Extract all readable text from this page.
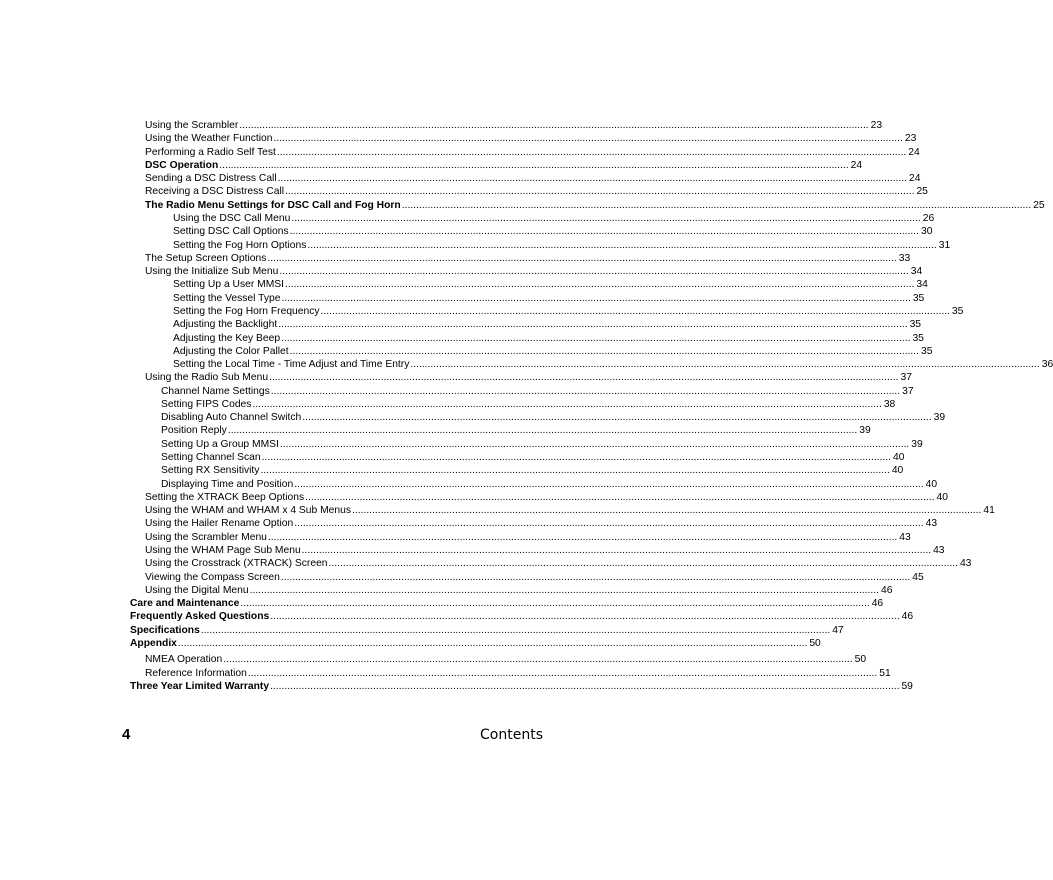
Using the Scrambler ............................................................................................................................................................................................................................ 23
Using the Weather Function ............................................................................................................................................................................................................................ 23
Performing a Radio Self Test ............................................................................................................................................................................................................................ 24
DSC Operation ............................................................................................................................................................................................................................ 24
Sending a DSC Distress Call ............................................................................................................................................................................................................................ 24
Receiving a DSC Distress Call ............................................................................................................................................................................................................................ 25
The Radio Menu Settings for DSC Call and Fog Horn ............................................................................................................................................................................................................................ 25
Using the DSC Call Menu ............................................................................................................................................................................................................................ 26
Setting DSC Call Options ............................................................................................................................................................................................................................ 30
Setting the Fog Horn Options ............................................................................................................................................................................................................................ 31
The Setup Screen Options ............................................................................................................................................................................................................................ 33
Using the Initialize Sub Menu ............................................................................................................................................................................................................................ 34
Setting Up a User MMSI ............................................................................................................................................................................................................................ 34
Setting the Vessel Type ............................................................................................................................................................................................................................ 35
Setting the Fog Horn Frequency ............................................................................................................................................................................................................................ 35
Adjusting the Backlight ............................................................................................................................................................................................................................ 35
Adjusting the Key Beep ............................................................................................................................................................................................................................ 35
Adjusting the Color Pallet ............................................................................................................................................................................................................................ 35
Setting the Local Time - Time Adjust and Time Entry ............................................................................................................................................................................................................................ 36
Using the Radio Sub Menu ............................................................................................................................................................................................................................ 37
Channel Name Settings ............................................................................................................................................................................................................................ 37
Setting FIPS Codes ............................................................................................................................................................................................................................ 38
Disabling Auto Channel Switch ............................................................................................................................................................................................................................ 39
Position Reply ............................................................................................................................................................................................................................ 39
Setting Up a Group MMSI ............................................................................................................................................................................................................................ 39
Setting Channel Scan ............................................................................................................................................................................................................................ 40
Setting RX Sensitivity ............................................................................................................................................................................................................................ 40
Displaying Time and Position ............................................................................................................................................................................................................................ 40
Setting the XTRACK Beep Options ............................................................................................................................................................................................................................ 40
Using the WHAM and WHAM x 4 Sub Menus ............................................................................................................................................................................................................................ 41
Using the Hailer Rename Option ............................................................................................................................................................................................................................ 43
Using the Scrambler Menu ............................................................................................................................................................................................................................ 43
Using the WHAM Page Sub Menu ............................................................................................................................................................................................................................ 43
Using the Crosstrack (XTRACK) Screen ............................................................................................................................................................................................................................ 43
Viewing the Compass Screen ............................................................................................................................................................................................................................ 45
Using the Digital Menu ............................................................................................................................................................................................................................ 46
Care and Maintenance ............................................................................................................................................................................................................................ 46
Frequently Asked Questions ............................................................................................................................................................................................................................ 46
Specifications ............................................................................................................................................................................................................................ 47
Appendix ............................................................................................................................................................................................................................ 50
NMEA Operation ............................................................................................................................................................................................................................ 50
Reference Information ............................................................................................................................................................................................................................ 51
Three Year Limited Warranty ............................................................................................................................................................................................................................ 59
4	Contents
